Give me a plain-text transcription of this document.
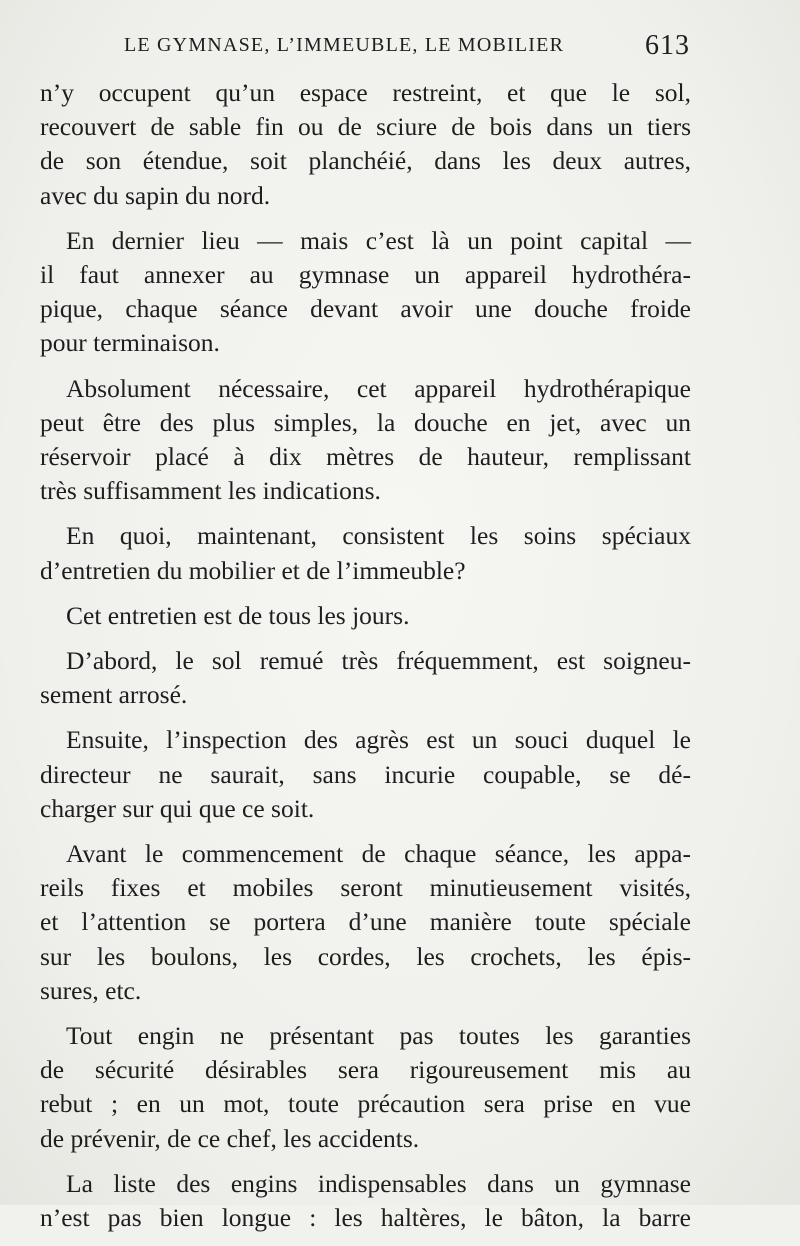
LE GYMNASE, L’IMMEUBLE, LE MOBILIER	613

n’y occupent qu’un espace restreint, et que le sol,
recouvert de sable fin ou de sciure de bois dans un tiers
de son étendue, soit planchéié, dans les deux autres,
avec du sapin du nord.

En dernier lieu — mais c’est là un point capital —
il faut annexer au gymnase un appareil hydrothéra-
pique, chaque séance devant avoir une douche froide
pour terminaison.

Absolument nécessaire, cet appareil hydrothérapique
peut être des plus simples, la douche en jet, avec un
réservoir placé à dix mètres de hauteur, remplissant
très suffisamment les indications.

En quoi, maintenant, consistent les soins spéciaux
d’entretien du mobilier et de l’immeuble?

Cet entretien est de tous les jours.

D’abord, le sol remué très fréquemment, est soigneu-
sement arrosé.

Ensuite, l’inspection des agrès est un souci duquel le
directeur ne saurait, sans incurie coupable, se dé-
charger sur qui que ce soit.

Avant le commencement de chaque séance, les appa-
reils fixes et mobiles seront minutieusement visités,
et l’attention se portera d’une manière toute spéciale
sur les boulons, les cordes, les crochets, les épis-
sures, etc.

Tout engin ne présentant pas toutes les garanties
de sécurité désirables sera rigoureusement mis au
rebut ; en un mot, toute précaution sera prise en vue
de prévenir, de ce chef, les accidents.

La liste des engins indispensables dans un gymnase
n’est pas bien longue : les haltères, le bâton, la barre
